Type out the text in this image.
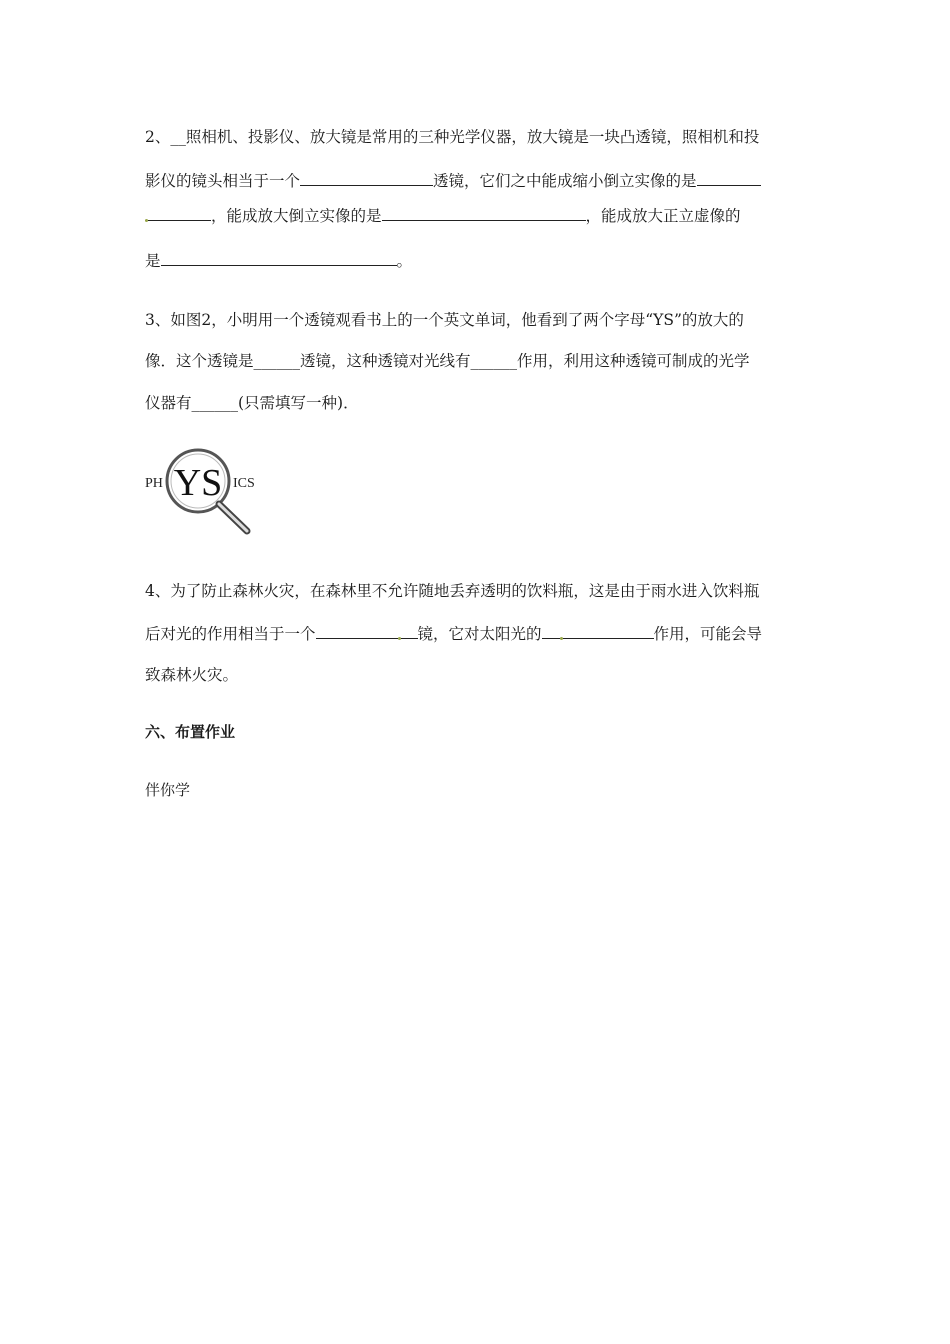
2、__照相机、投影仪、放大镜是常用的三种光学仪器，放大镜是一块凸透镜，照相机和投
影仪的镜头相当于一个	透镜，它们之中能成缩小倒立实像的是
，能成放大倒立实像的是	，能成放大正立虚像的
是	。
3、如图2，小明用一个透镜观看书上的一个英文单词，他看到了两个字母“YS”的放大的
像．这个透镜是______透镜，这种透镜对光线有______作用，利用这种透镜可制成的光学
仪器有______(只需填写一种)．
PH	ICS
YS
4、为了防止森林火灾，在森林里不允许随地丢弃透明的饮料瓶，这是由于雨水进入饮料瓶
后对光的作用相当于一个	镜，它对太阳光的	作用，可能会导
致森林火灾。
六、布置作业
伴你学
